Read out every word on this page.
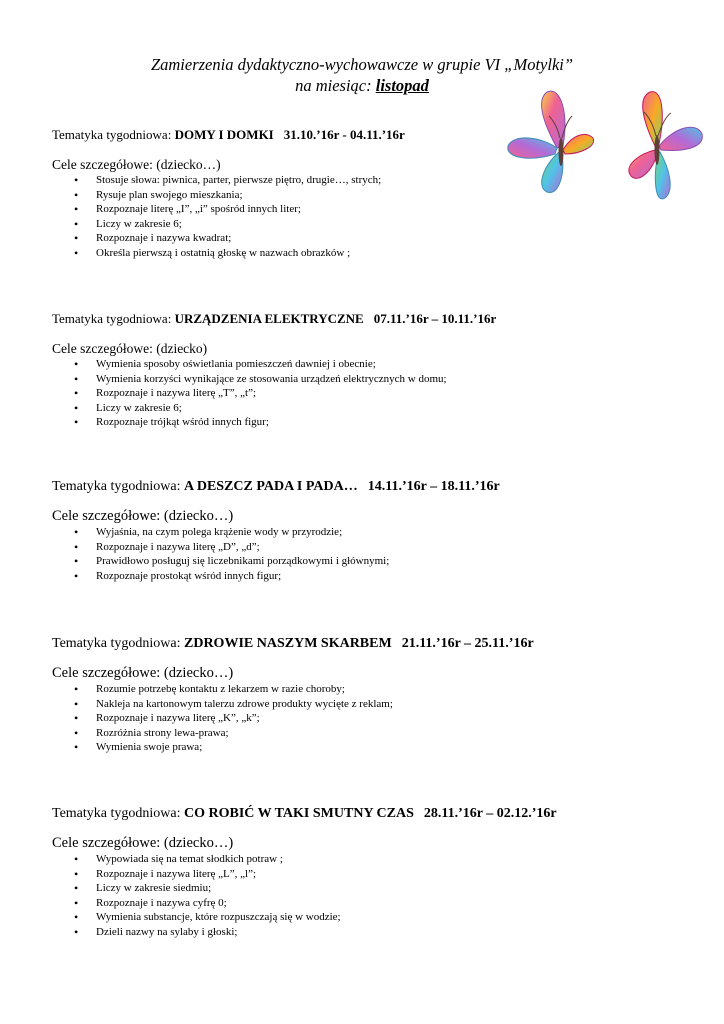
Zamierzenia dydaktyczno-wychowawcze w grupie VI „Motylki”
na miesiąc: listopad
Tematyka tygodniowa: DOMY I DOMKI 31.10.’16r - 04.11.’16r
Cele szczegółowe: (dziecko…)
• Stosuje słowa: piwnica, parter, pierwsze piętro, drugie…, strych;
• Rysuje plan swojego mieszkania;
• Rozpoznaje literę „I”, „i” spośród innych liter;
• Liczy w zakresie 6;
• Rozpoznaje i nazywa kwadrat;
• Określa pierwszą i ostatnią głoskę w nazwach obrazków ;
Tematyka tygodniowa: URZĄDZENIA ELEKTRYCZNE 07.11.’16r – 10.11.’16r
Cele szczegółowe: (dziecko)
• Wymienia sposoby oświetlania pomieszczeń dawniej i obecnie;
• Wymienia korzyści wynikające ze stosowania urządzeń elektrycznych w domu;
• Rozpoznaje i nazywa literę „T”, „t”;
• Liczy w zakresie 6;
• Rozpoznaje trójkąt wśród innych figur;
Tematyka tygodniowa: A DESZCZ PADA I PADA… 14.11.’16r – 18.11.’16r
Cele szczegółowe: (dziecko…)
• Wyjaśnia, na czym polega krążenie wody w przyrodzie;
• Rozpoznaje i nazywa literę „D”, „d”;
• Prawidłowo posługuj się liczebnikami porządkowymi i głównymi;
• Rozpoznaje prostokąt wśród innych figur;
Tematyka tygodniowa: ZDROWIE NASZYM SKARBEM 21.11.’16r – 25.11.’16r
Cele szczegółowe: (dziecko…)
• Rozumie potrzebę kontaktu z lekarzem w razie choroby;
• Nakleja na kartonowym talerzu zdrowe produkty wycięte z reklam;
• Rozpoznaje i nazywa literę „K”, „k”;
• Rozróżnia strony lewa-prawa;
• Wymienia swoje prawa;
Tematyka tygodniowa: CO ROBIĆ W TAKI SMUTNY CZAS 28.11.’16r – 02.12.’16r
Cele szczegółowe: (dziecko…)
• Wypowiada się na temat słodkich potraw ;
• Rozpoznaje i nazywa literę „L”, „l”;
• Liczy w zakresie siedmiu;
• Rozpoznaje i nazywa cyfrę 0;
• Wymienia substancje, które rozpuszczają się w wodzie;
• Dzieli nazwy na sylaby i głoski;
